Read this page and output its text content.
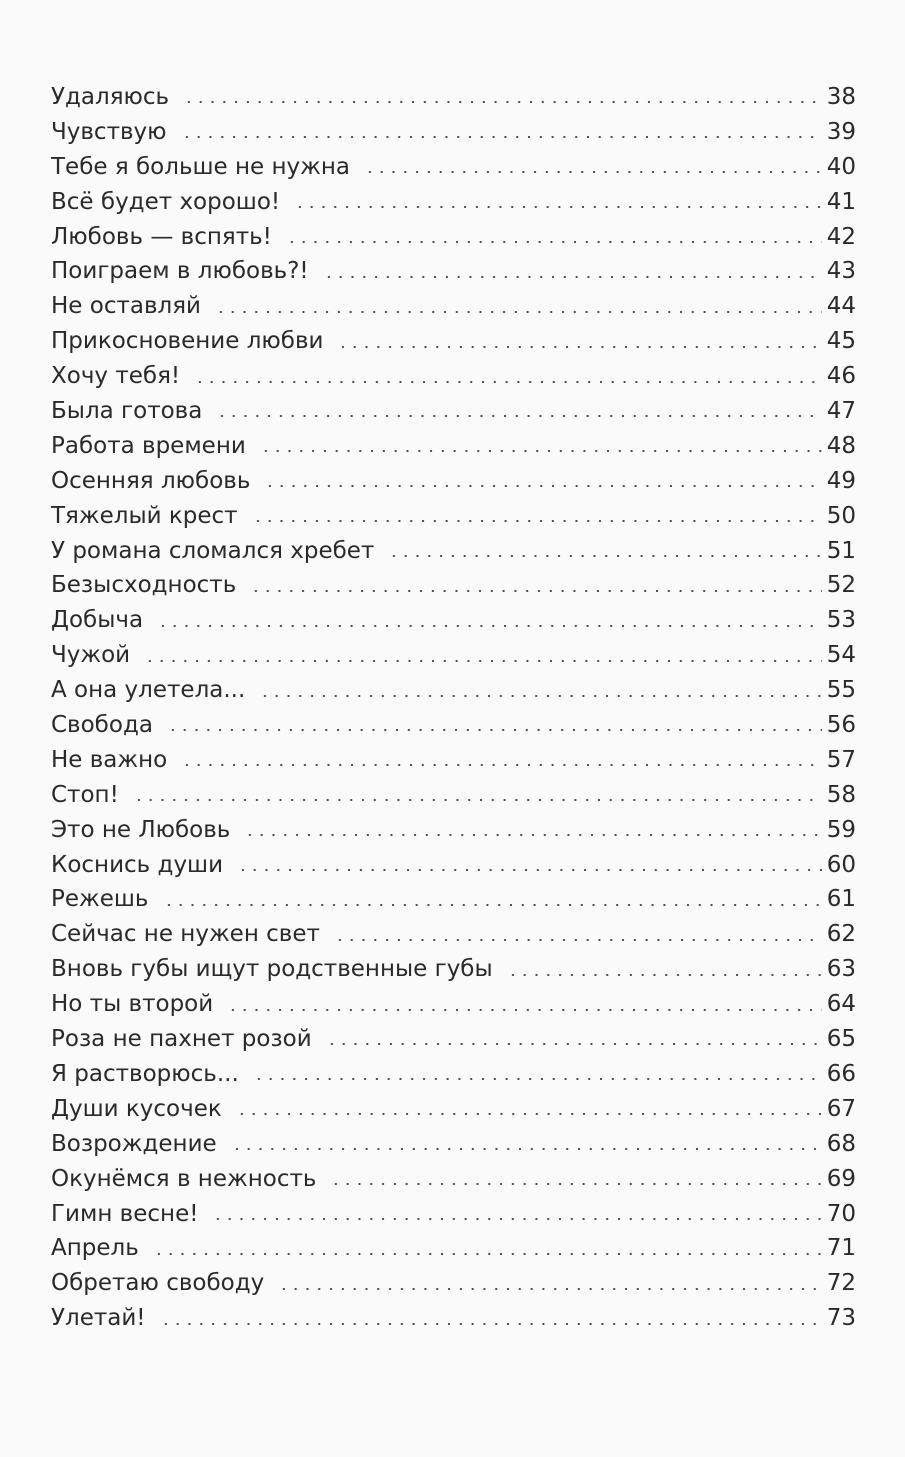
Удаляюсь	38
Чувствую	39
Тебе я больше не нужна	40
Всё будет хорошо!	41
Любовь — вспять!	42
Поиграем в любовь?!	43
Не оставляй	44
Прикосновение любви	45
Хочу тебя!	46
Была готова	47
Работа времени	48
Осенняя любовь	49
Тяжелый крест	50
У романа сломался хребет	51
Безысходность	52
Добыча	53
Чужой	54
А она улетела...	55
Свобода	56
Не важно	57
Стоп!	58
Это не Любовь	59
Коснись души	60
Режешь	61
Сейчас не нужен свет	62
Вновь губы ищут родственные губы	63
Но ты второй	64
Роза не пахнет розой	65
Я растворюсь...	66
Души кусочек	67
Возрождение	68
Окунёмся в нежность	69
Гимн весне!	70
Апрель	71
Обретаю свободу	72
Улетай!	73
